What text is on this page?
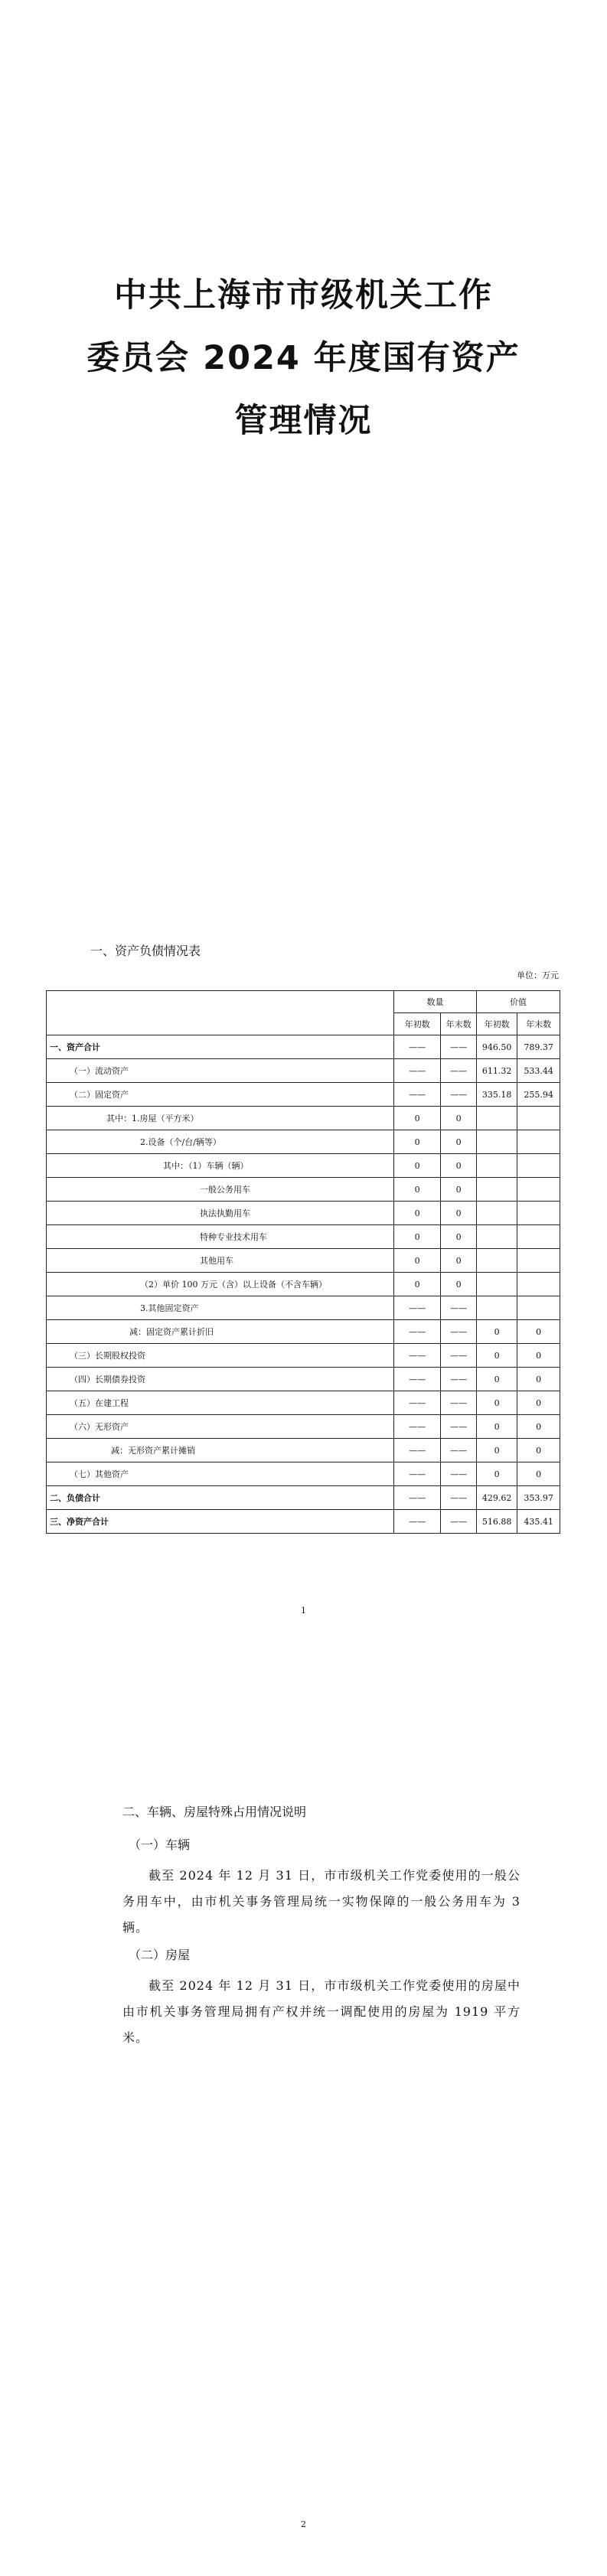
中共上海市市级机关工作
委员会 2024 年度国有资产
管理情况
一、资产负债情况表
单位：万元
	数量		价值	
	年初数	年末数	年初数	年末数
一、资产合计	——	——	946.50	789.37
（一）流动资产	——	——	611.32	533.44
（二）固定资产	——	——	335.18	255.94
其中：1.房屋（平方米）	0	0		
2.设备（个/台/辆等）	0	0		
其中：（1）车辆（辆）	0	0		
一般公务用车	0	0		
执法执勤用车	0	0		
特种专业技术用车	0	0		
其他用车	0	0		
（2）单价 100 万元（含）以上设备（不含车辆）	0	0		
3.其他固定资产	——	——		
减：固定资产累计折旧	——	——	0	0
（三）长期股权投资	——	——	0	0
（四）长期债券投资	——	——	0	0
（五）在建工程	——	——	0	0
（六）无形资产	——	——	0	0
减：无形资产累计摊销	——	——	0	0
（七）其他资产	——	——	0	0
二、负债合计	——	——	429.62	353.97
三、净资产合计	——	——	516.88	435.41
1
二、车辆、房屋特殊占用情况说明
（一）车辆
截至 2024 年 12 月 31 日，市市级机关工作党委使用的一般公务用车中，由市机关事务管理局统一实物保障的一般公务用车为 3 辆。
（二）房屋
截至 2024 年 12 月 31 日，市市级机关工作党委使用的房屋中由市机关事务管理局拥有产权并统一调配使用的房屋为 1919 平方米。
2
